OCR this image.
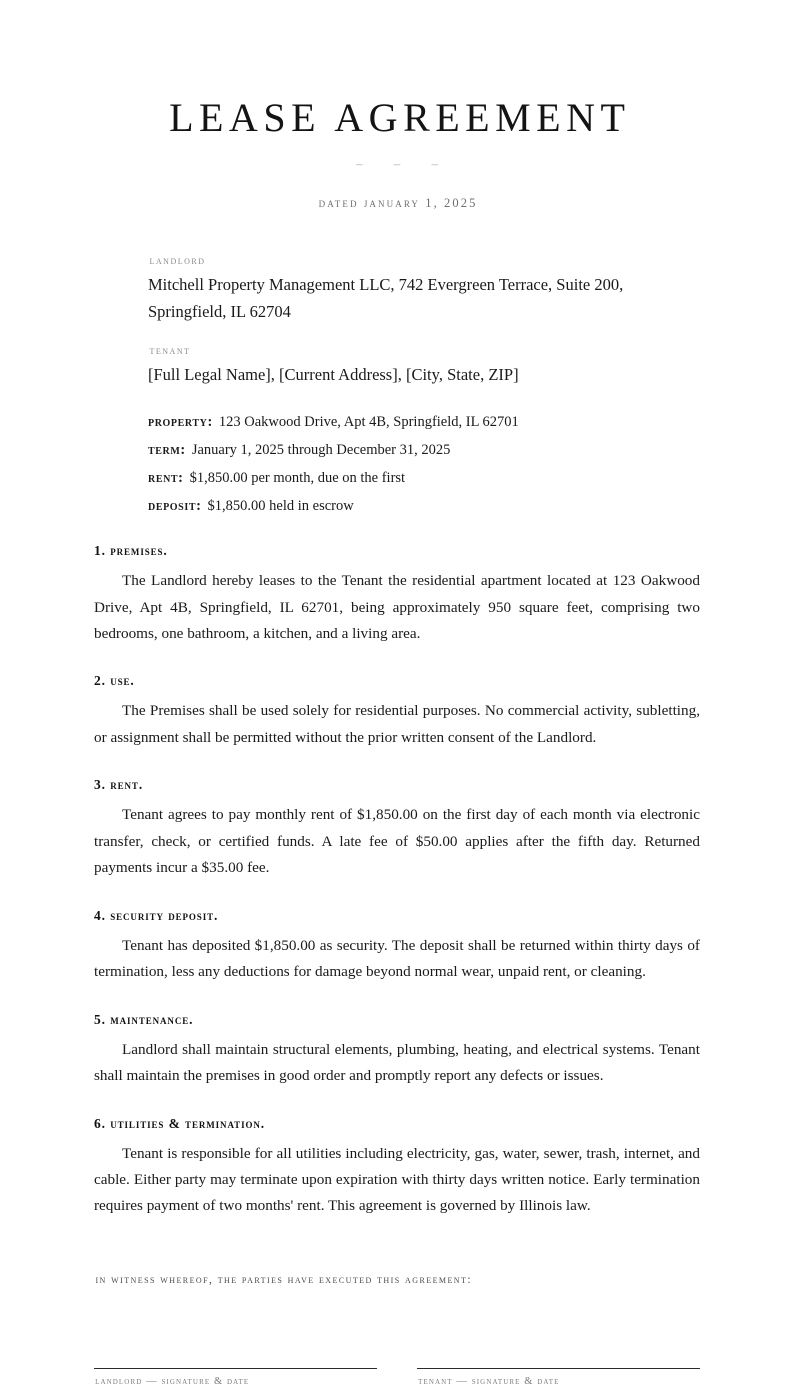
LEASE AGREEMENT
– – –
dated january 1, 2025
landlord
Mitchell Property Management LLC, 742 Evergreen Terrace, Suite 200, Springfield, IL 62704
tenant
[Full Legal Name], [Current Address], [City, State, ZIP]
property: 123 Oakwood Drive, Apt 4B, Springfield, IL 62701
term: January 1, 2025 through December 31, 2025
rent: $1,850.00 per month, due on the first
deposit: $1,850.00 held in escrow
1. premises.
The Landlord hereby leases to the Tenant the residential apartment located at 123 Oakwood Drive, Apt 4B, Springfield, IL 62701, being approximately 950 square feet, comprising two bedrooms, one bathroom, a kitchen, and a living area.
2. use.
The Premises shall be used solely for residential purposes. No commercial activity, subletting, or assignment shall be permitted without the prior written consent of the Landlord.
3. rent.
Tenant agrees to pay monthly rent of $1,850.00 on the first day of each month via electronic transfer, check, or certified funds. A late fee of $50.00 applies after the fifth day. Returned payments incur a $35.00 fee.
4. security deposit.
Tenant has deposited $1,850.00 as security. The deposit shall be returned within thirty days of termination, less any deductions for damage beyond normal wear, unpaid rent, or cleaning.
5. maintenance.
Landlord shall maintain structural elements, plumbing, heating, and electrical systems. Tenant shall maintain the premises in good order and promptly report any defects or issues.
6. utilities & termination.
Tenant is responsible for all utilities including electricity, gas, water, sewer, trash, internet, and cable. Either party may terminate upon expiration with thirty days written notice. Early termination requires payment of two months' rent. This agreement is governed by Illinois law.
in witness whereof, the parties have executed this agreement:
landlord — signature & date	tenant — signature & date
